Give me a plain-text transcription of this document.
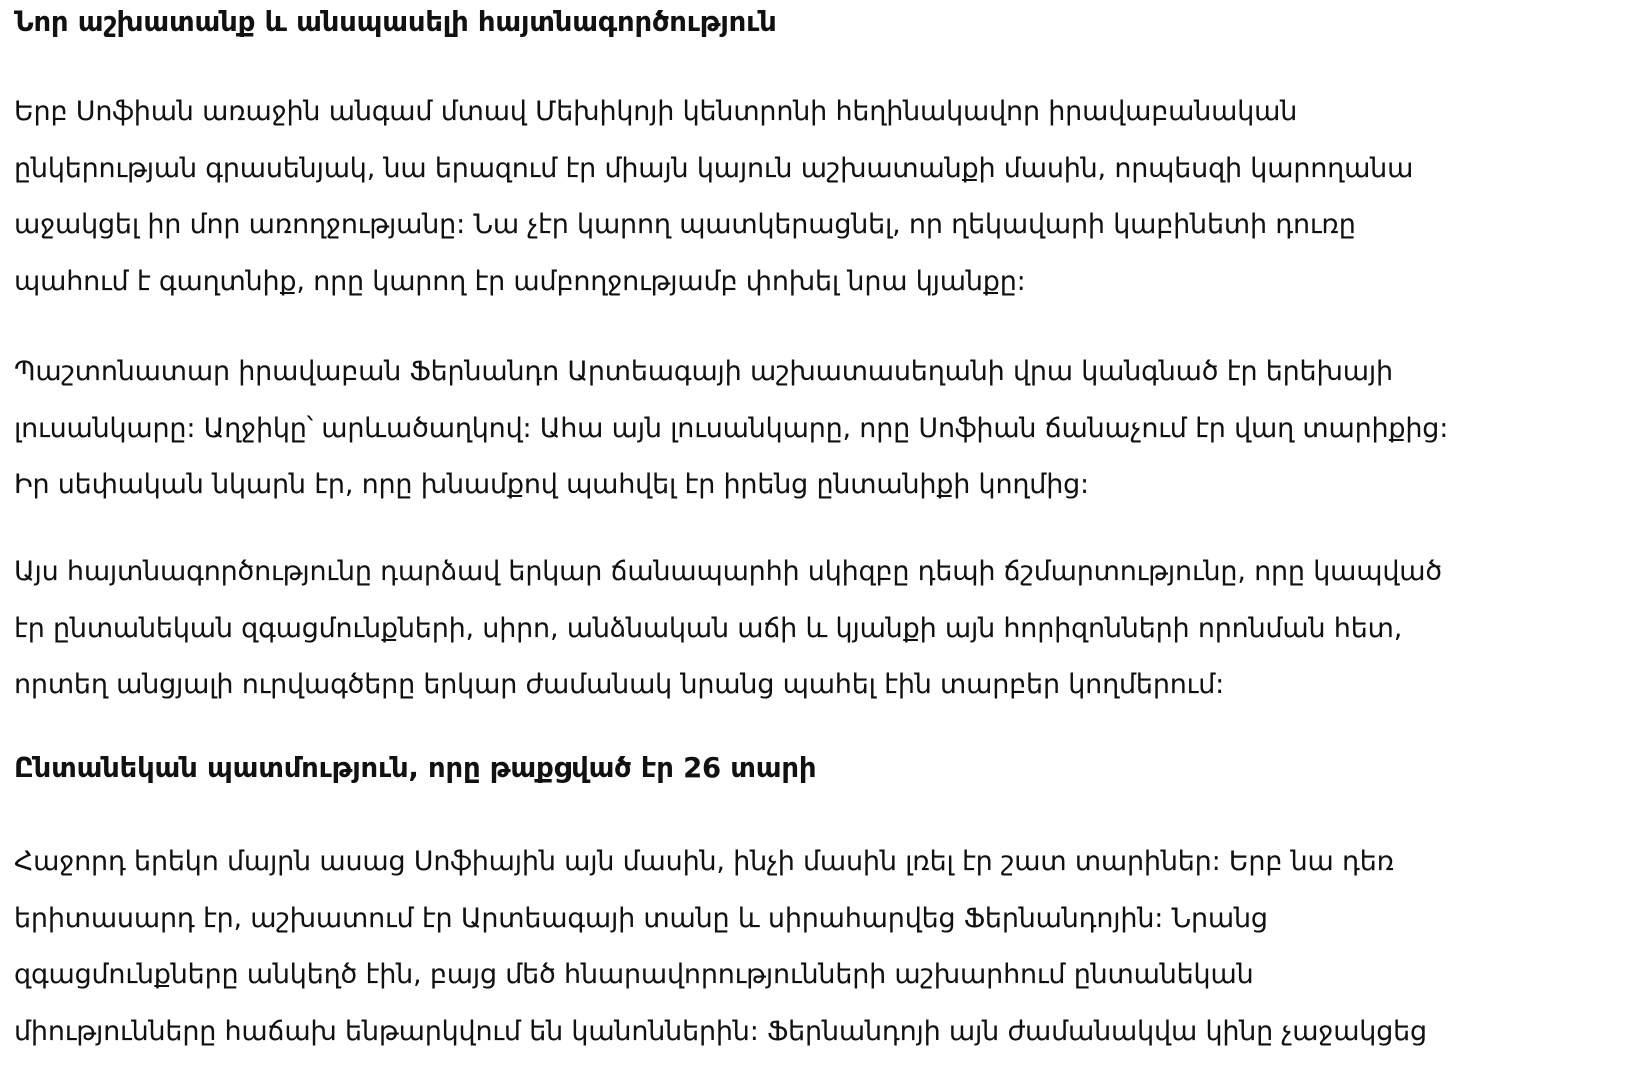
Նոր աշխատանք և անսպասելի հայտնագործություն

Երբ Սոֆիան առաջին անգամ մտավ Մեխիկոյի կենտրոնի հեղինակավոր իրավաբանական
ընկերության գրասենյակ, նա երազում էր միայն կայուն աշխատանքի մասին, որպեսզի կարողանա
աջակցել իր մոր առողջությանը: Նա չէր կարող պատկերացնել, որ ղեկավարի կաբինետի դուռը
պահում է գաղտնիք, որը կարող էր ամբողջությամբ փոխել նրա կյանքը:

Պաշտոնատար իրավաբան Ֆերնանդո Արտեագայի աշխատասեղանի վրա կանգնած էր երեխայի
լուսանկարը: Աղջիկը՝ արևածաղկով: Ահա այն լուսանկարը, որը Սոֆիան ճանաչում էր վաղ տարիքից:
Իր սեփական նկարն էր, որը խնամքով պահվել էր իրենց ընտանիքի կողմից:

Այս հայտնագործությունը դարձավ երկար ճանապարհի սկիզբը դեպի ճշմարտությունը, որը կապված
էր ընտանեկան զգացմունքների, սիրո, անձնական աճի և կյանքի այն հորիզոնների որոնման հետ,
որտեղ անցյալի ուրվագծերը երկար ժամանակ նրանց պահել էին տարբեր կողմերում:

Ընտանեկան պատմություն, որը թաքցված էր 26 տարի

Հաջորդ երեկո մայրն ասաց Սոֆիային այն մասին, ինչի մասին լռել էր շատ տարիներ: Երբ նա դեռ
երիտասարդ էր, աշխատում էր Արտեագայի տանը և սիրահարվեց Ֆերնանդոյին: Նրանց
զգացմունքները անկեղծ էին, բայց մեծ հնարավորությունների աշխարհում ընտանեկան
միությունները հաճախ ենթարկվում են կանոններին: Ֆերնանդոյի այն ժամանակվա կինը չաջակցեց
